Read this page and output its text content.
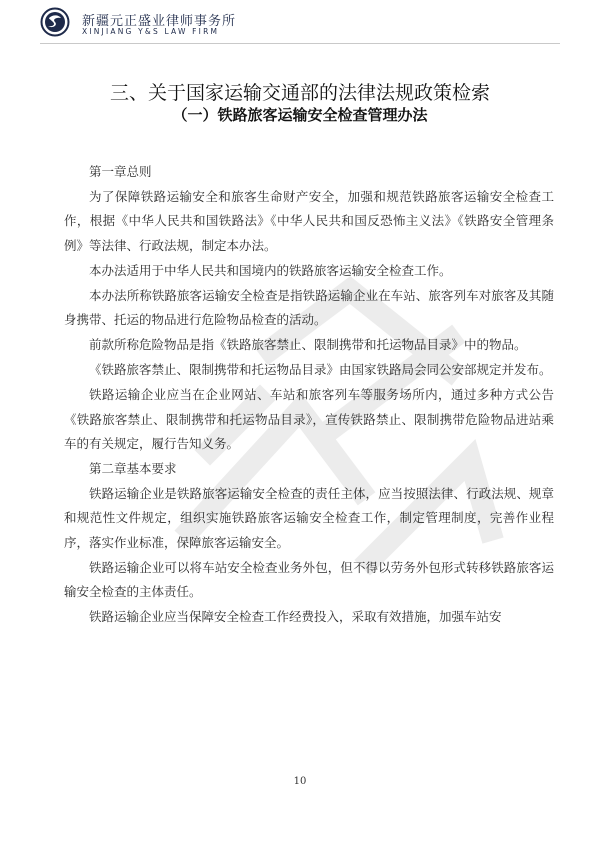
新疆元正盛业律师事务所
XINJIANG Y&S LAW FIRM
三、关于国家运输交通部的法律法规政策检索
（一）铁路旅客运输安全检查管理办法

第一章总则

为了保障铁路运输安全和旅客生命财产安全，加强和规范铁路旅客运输安全检查工作，根据《中华人民共和国铁路法》《中华人民共和国反恐怖主义法》《铁路安全管理条例》等法律、行政法规，制定本办法。

本办法适用于中华人民共和国境内的铁路旅客运输安全检查工作。

本办法所称铁路旅客运输安全检查是指铁路运输企业在车站、旅客列车对旅客及其随身携带、托运的物品进行危险物品检查的活动。

前款所称危险物品是指《铁路旅客禁止、限制携带和托运物品目录》中的物品。

《铁路旅客禁止、限制携带和托运物品目录》由国家铁路局会同公安部规定并发布。

铁路运输企业应当在企业网站、车站和旅客列车等服务场所内，通过多种方式公告《铁路旅客禁止、限制携带和托运物品目录》，宣传铁路禁止、限制携带危险物品进站乘车的有关规定，履行告知义务。

第二章基本要求

铁路运输企业是铁路旅客运输安全检查的责任主体，应当按照法律、行政法规、规章和规范性文件规定，组织实施铁路旅客运输安全检查工作，制定管理制度，完善作业程序，落实作业标准，保障旅客运输安全。

铁路运输企业可以将车站安全检查业务外包，但不得以劳务外包形式转移铁路旅客运输安全检查的主体责任。

铁路运输企业应当保障安全检查工作经费投入，采取有效措施，加强车站安

10
